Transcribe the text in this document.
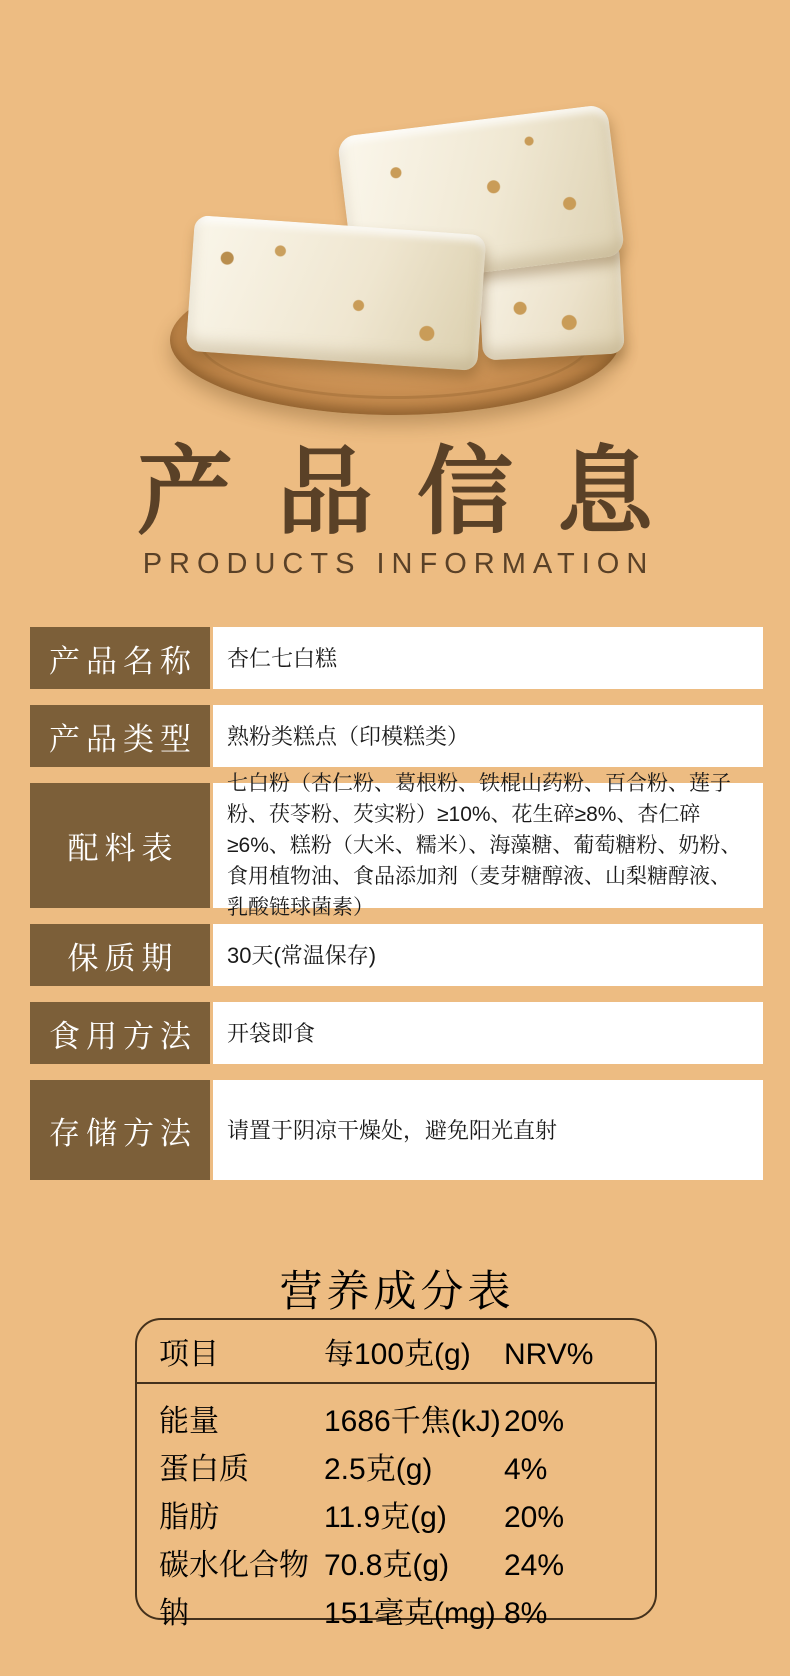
产品信息
PRODUCTS INFORMATION
产品名称	杏仁七白糕
产品类型	熟粉类糕点（印模糕类）
配料表
七白粉（杏仁粉、葛根粉、铁棍山药粉、百合粉、莲子粉、茯苓粉、芡实粉）≥10%、花生碎≥8%、杏仁碎≥6%、糕粉（大米、糯米）、海藻糖、葡萄糖粉、奶粉、食用植物油、食品添加剂（麦芽糖醇液、山梨糖醇液、乳酸链球菌素）
保质期	30天(常温保存)
食用方法	开袋即食
存储方法	请置于阴凉干燥处，避免阳光直射
营养成分表
项目	每100克(g)	NRV%
能量	1686千焦(kJ) 20%
蛋白质	2.5克(g)	4%
脂肪	11.9克(g)	20%
碳水化合物 70.8克(g)	24%
钠	151毫克(mg) 8%
